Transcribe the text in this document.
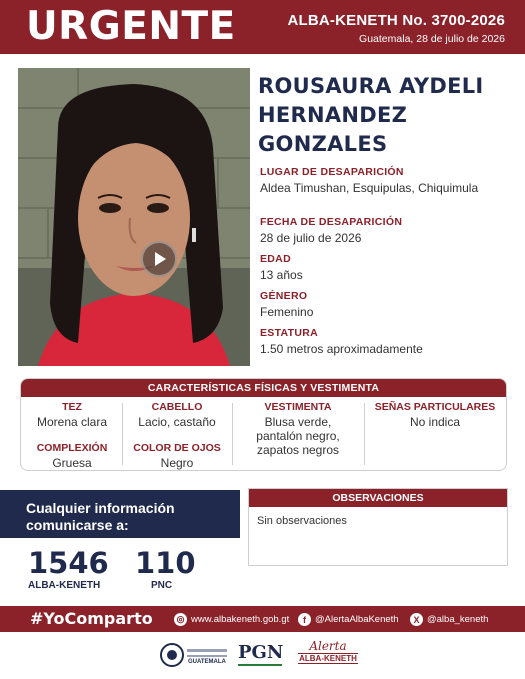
URGENTE	ALBA-KENETH No. 3700-2026
Guatemala, 28 de julio de 2026
ROUSAURA AYDELI
HERNANDEZ
GONZALES
LUGAR DE DESAPARICIÓN
Aldea Timushan, Esquipulas, Chiquimula
FECHA DE DESAPARICIÓN
28 de julio de 2026
EDAD
13 años
GÉNERO
Femenino
ESTATURA
1.50 metros aproximadamente
CARACTERÍSTICAS FÍSICAS Y VESTIMENTA
TEZ
Morena clara
COMPLEXIÓN
Gruesa
CABELLO
Lacio, castaño
COLOR DE OJOS
Negro
VESTIMENTA
Blusa verde,
pantalón negro,
zapatos negros
SEÑAS PARTICULARES
No indica
Cualquier información
comunicarse a:
1546
ALBA-KENETH
110
PNC
OBSERVACIONES
Sin observaciones
#YoComparto	◎ www.albakeneth.gob.gt	f @AlertaAlbaKeneth	X @alba_keneth
GUATEMALA PGN	Alerta
ALBA-KENETH
